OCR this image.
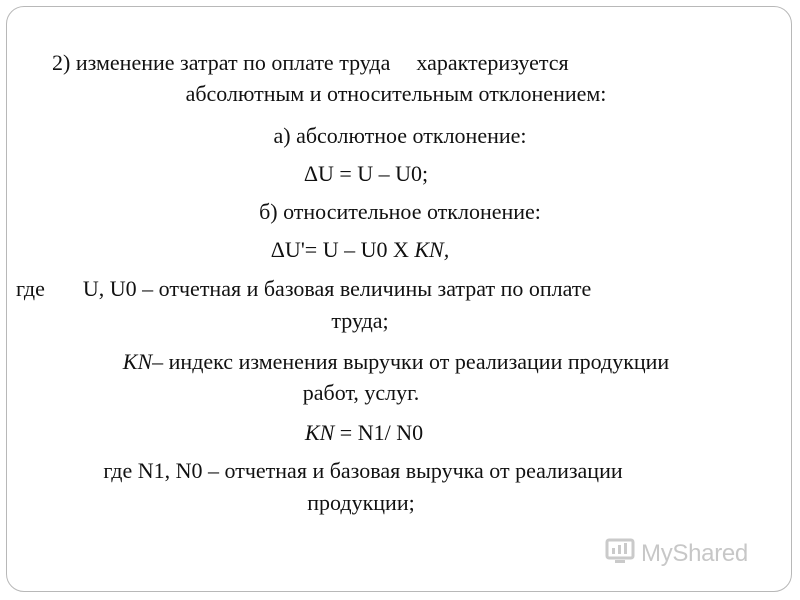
2) изменение затрат по оплате труда характеризуется

абсолютным и относительным отклонением:

а) абсолютное отклонение:

ΔU = U – U0;

б) относительное отклонение:

ΔU'= U – U0 X KN,

где U, U0 – отчетная и базовая величины затрат по оплате

труда;

KN– индекс изменения выручки от реализации продукции

работ, услуг.

KN = N1/ N0

где N1, N0 – отчетная и базовая выручка от реализации

продукции;

MyShared
